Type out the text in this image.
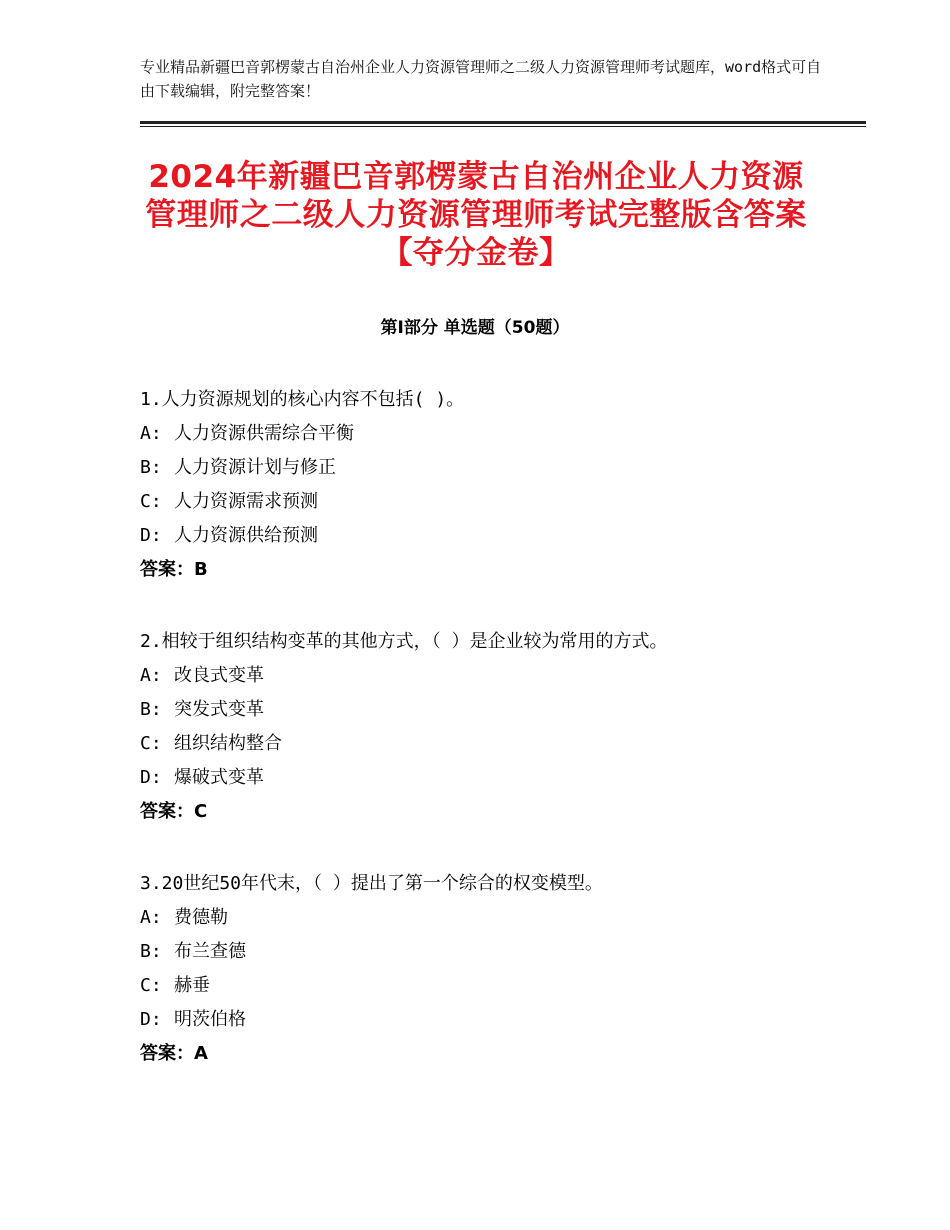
专业精品新疆巴音郭楞蒙古自治州企业人力资源管理师之二级人力资源管理师考试题库，word格式可自由下载编辑，附完整答案！
2024年新疆巴音郭楞蒙古自治州企业人力资源管理师之二级人力资源管理师考试完整版含答案【夺分金卷】
第Ⅰ部分 单选题（50题）
1.人力资源规划的核心内容不包括( )。
A: 人力资源供需综合平衡
B: 人力资源计划与修正
C: 人力资源需求预测
D: 人力资源供给预测
答案：B
2.相较于组织结构变革的其他方式，（ ）是企业较为常用的方式。
A: 改良式变革
B: 突发式变革
C: 组织结构整合
D: 爆破式变革
答案：C
3.20世纪50年代末，（ ）提出了第一个综合的权变模型。
A: 费德勒
B: 布兰查德
C: 赫垂
D: 明茨伯格
答案：A
